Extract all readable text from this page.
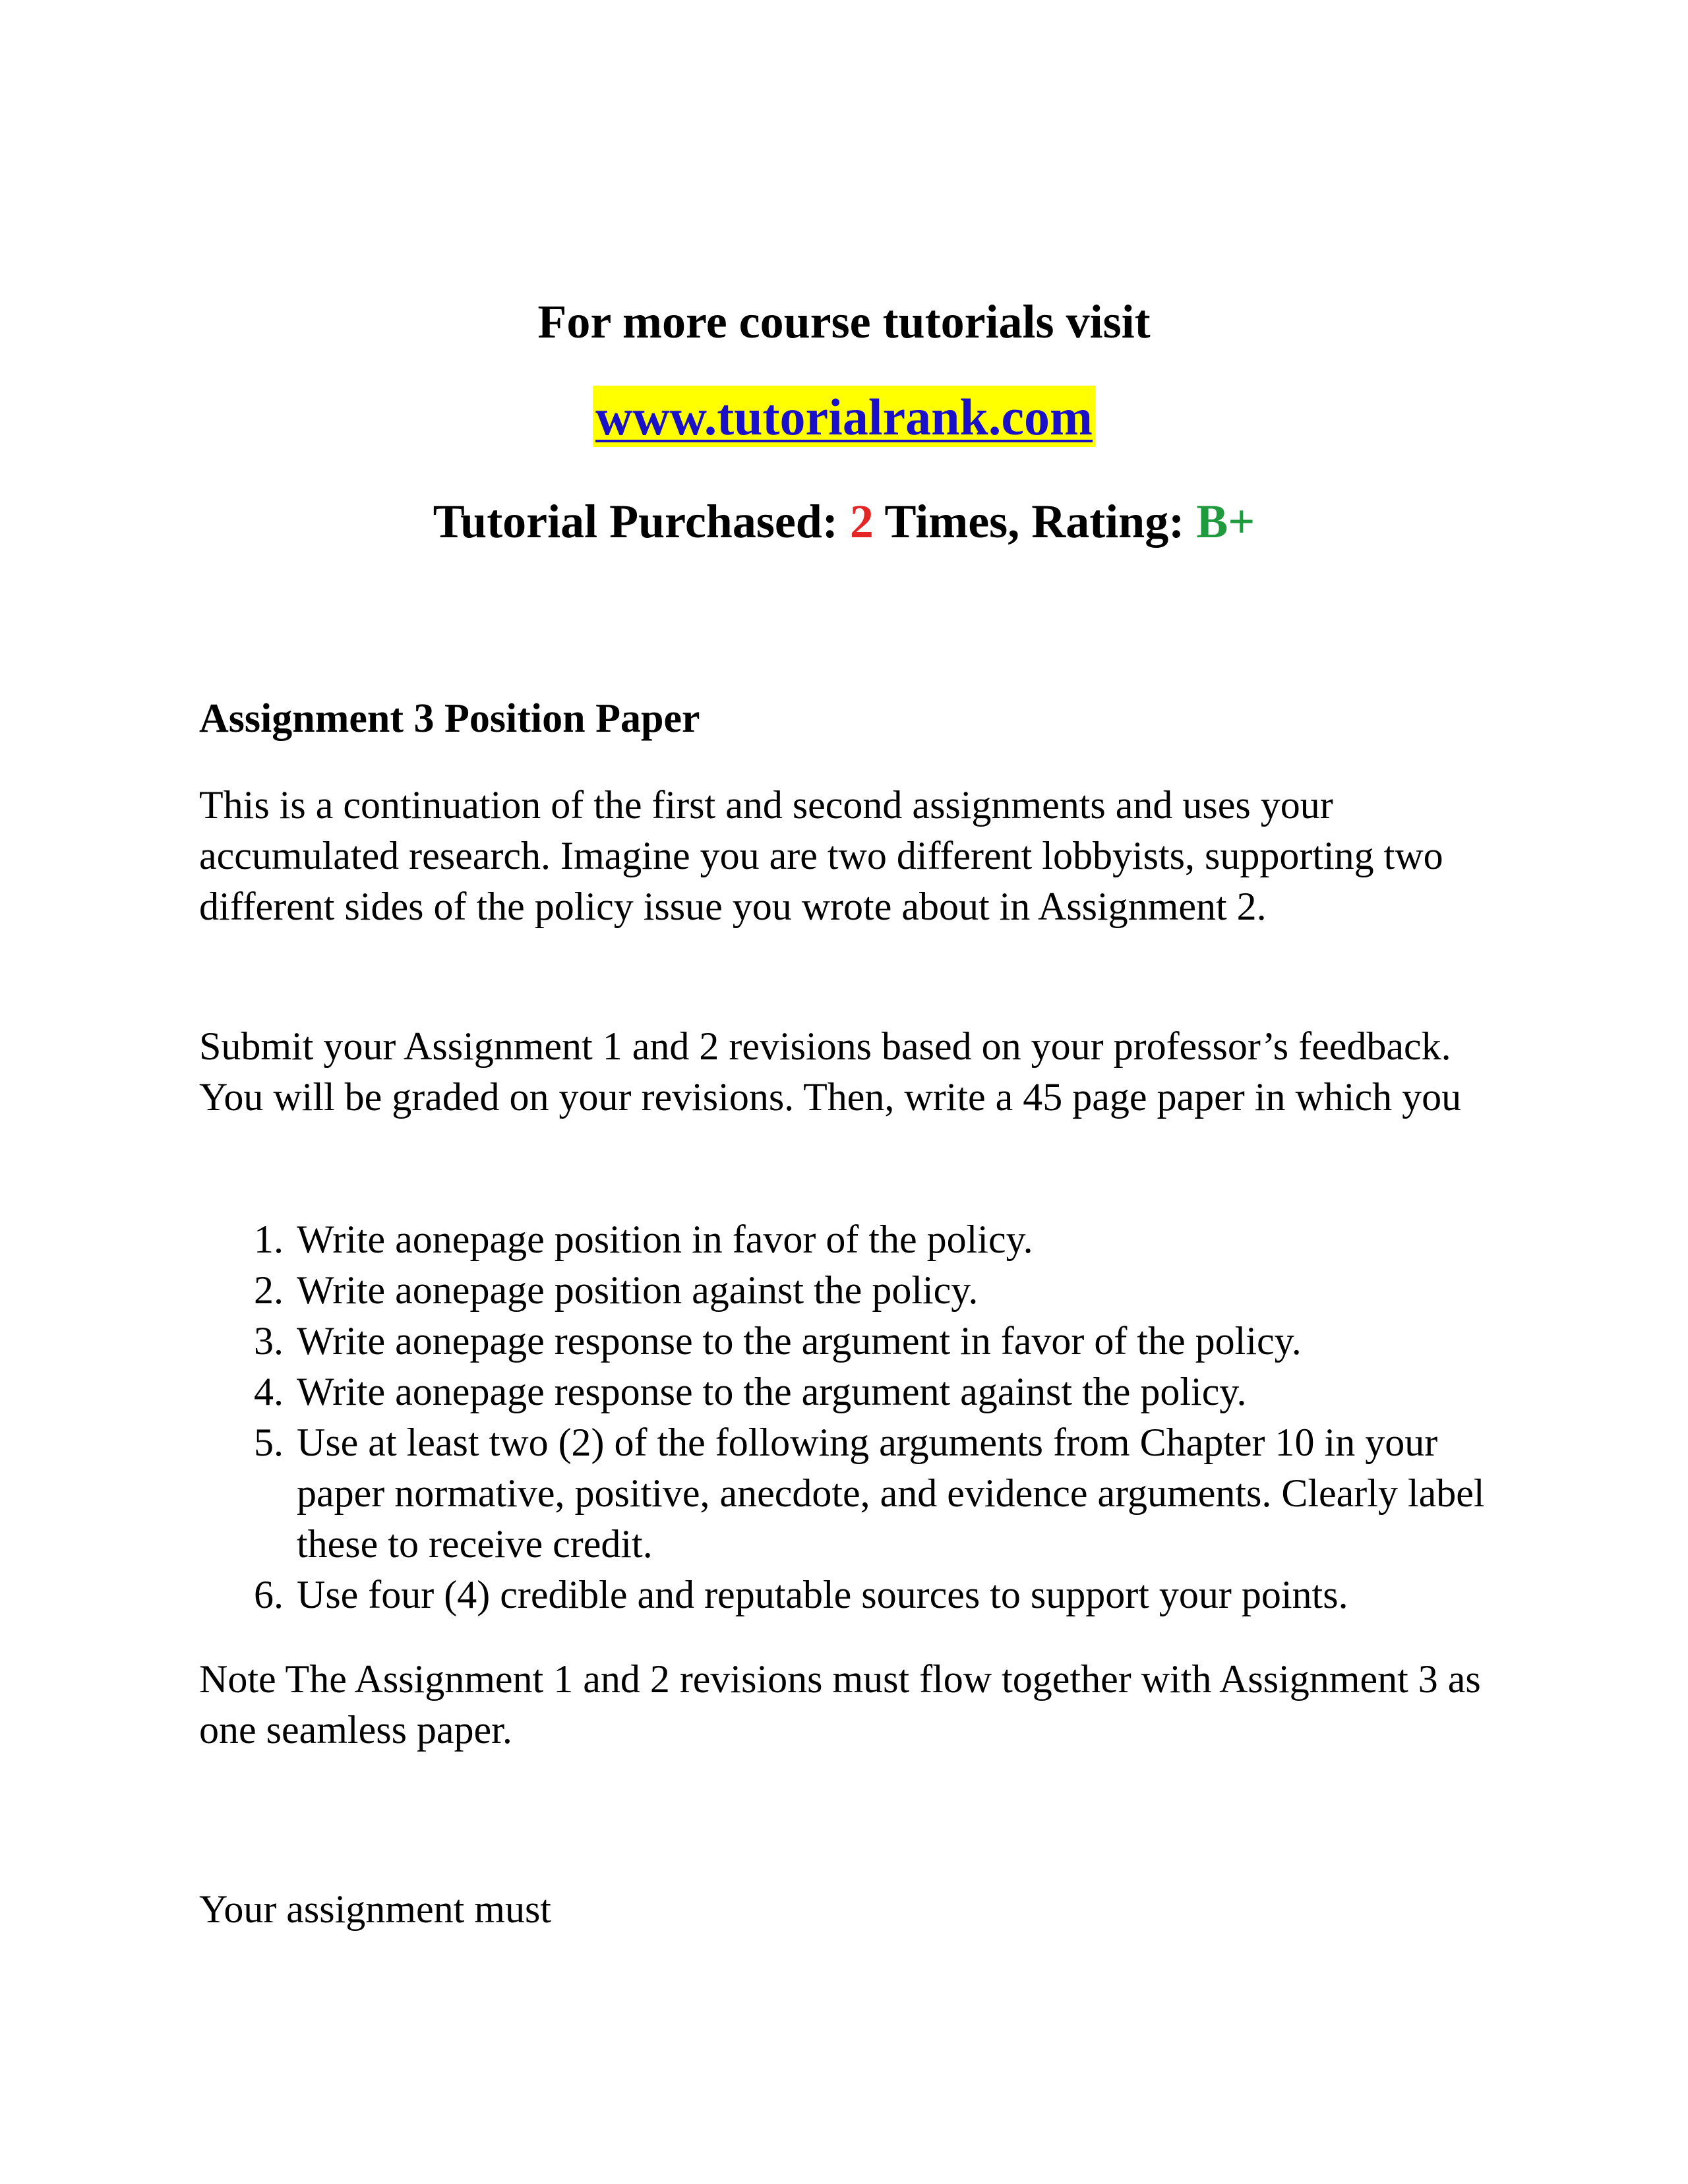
For more course tutorials visit
www.tutorialrank.com
Tutorial Purchased: 2 Times, Rating: B+
Assignment 3 Position Paper

This is a continuation of the first and second assignments and uses your accumulated research. Imagine you are two different lobbyists, supporting two different sides of the policy issue you wrote about in Assignment 2.

Submit your Assignment 1 and 2 revisions based on your professor’s feedback. You will be graded on your revisions. Then, write a 45 page paper in which you

1. Write aonepage position in favor of the policy.
2. Write aonepage position against the policy.
3. Write aonepage response to the argument in favor of the policy.
4. Write aonepage response to the argument against the policy.
5. Use at least two (2) of the following arguments from Chapter 10 in your paper normative, positive, anecdote, and evidence arguments. Clearly label these to receive credit.
6. Use four (4) credible and reputable sources to support your points.

Note The Assignment 1 and 2 revisions must flow together with Assignment 3 as one seamless paper.

Your assignment must
